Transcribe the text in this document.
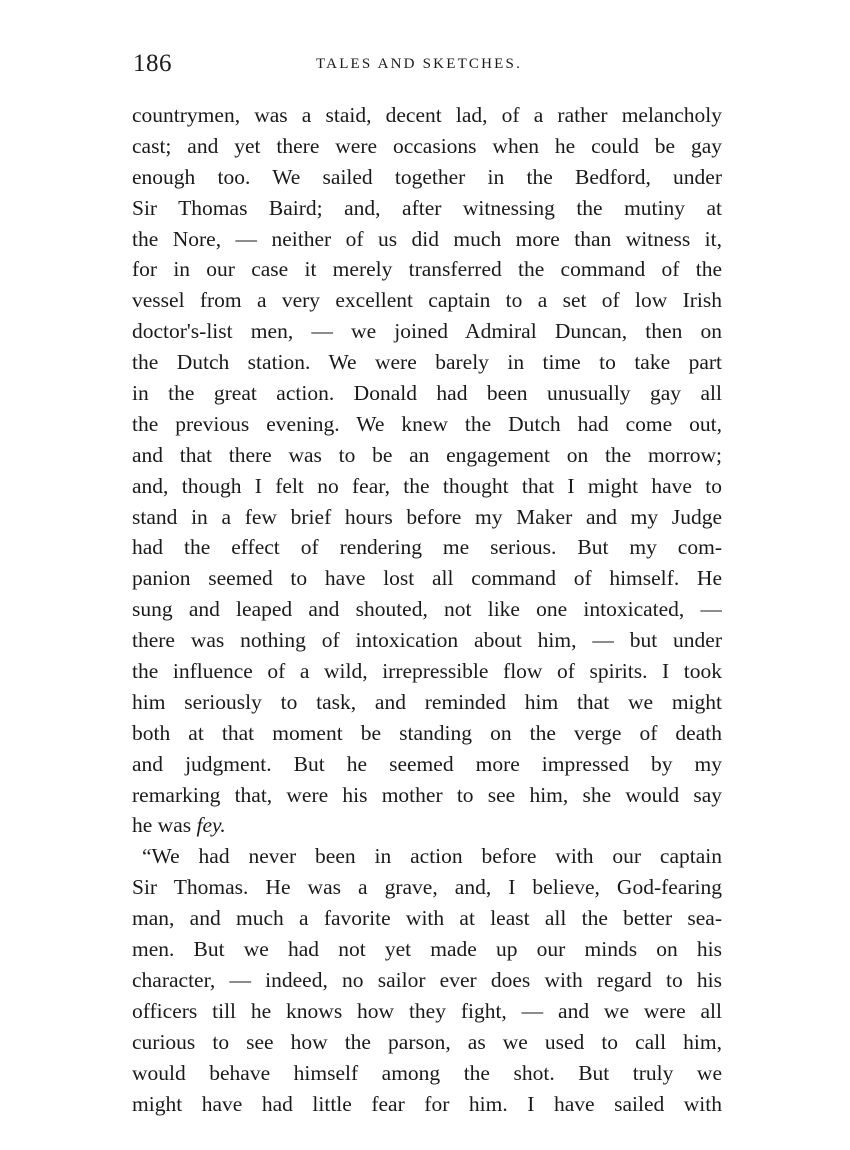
186	TALES AND SKETCHES.
countrymen, was a staid, decent lad, of a rather melancholy
cast; and yet there were occasions when he could be gay
enough too. We sailed together in the Bedford, under
Sir Thomas Baird; and, after witnessing the mutiny at
the Nore, — neither of us did much more than witness it,
for in our case it merely transferred the command of the
vessel from a very excellent captain to a set of low Irish
doctor's-list men, — we joined Admiral Duncan, then on
the Dutch station. We were barely in time to take part
in the great action. Donald had been unusually gay all
the previous evening. We knew the Dutch had come out,
and that there was to be an engagement on the morrow;
and, though I felt no fear, the thought that I might have to
stand in a few brief hours before my Maker and my Judge
had the effect of rendering me serious. But my com-
panion seemed to have lost all command of himself. He
sung and leaped and shouted, not like one intoxicated, —
there was nothing of intoxication about him, — but under
the influence of a wild, irrepressible flow of spirits. I took
him seriously to task, and reminded him that we might
both at that moment be standing on the verge of death
and judgment. But he seemed more impressed by my
remarking that, were his mother to see him, she would say
he was fey.
“We had never been in action before with our captain
Sir Thomas. He was a grave, and, I believe, God-fearing
man, and much a favorite with at least all the better sea-
men. But we had not yet made up our minds on his
character, — indeed, no sailor ever does with regard to his
officers till he knows how they fight, — and we were all
curious to see how the parson, as we used to call him,
would behave himself among the shot. But truly we
might have had little fear for him. I have sailed with
